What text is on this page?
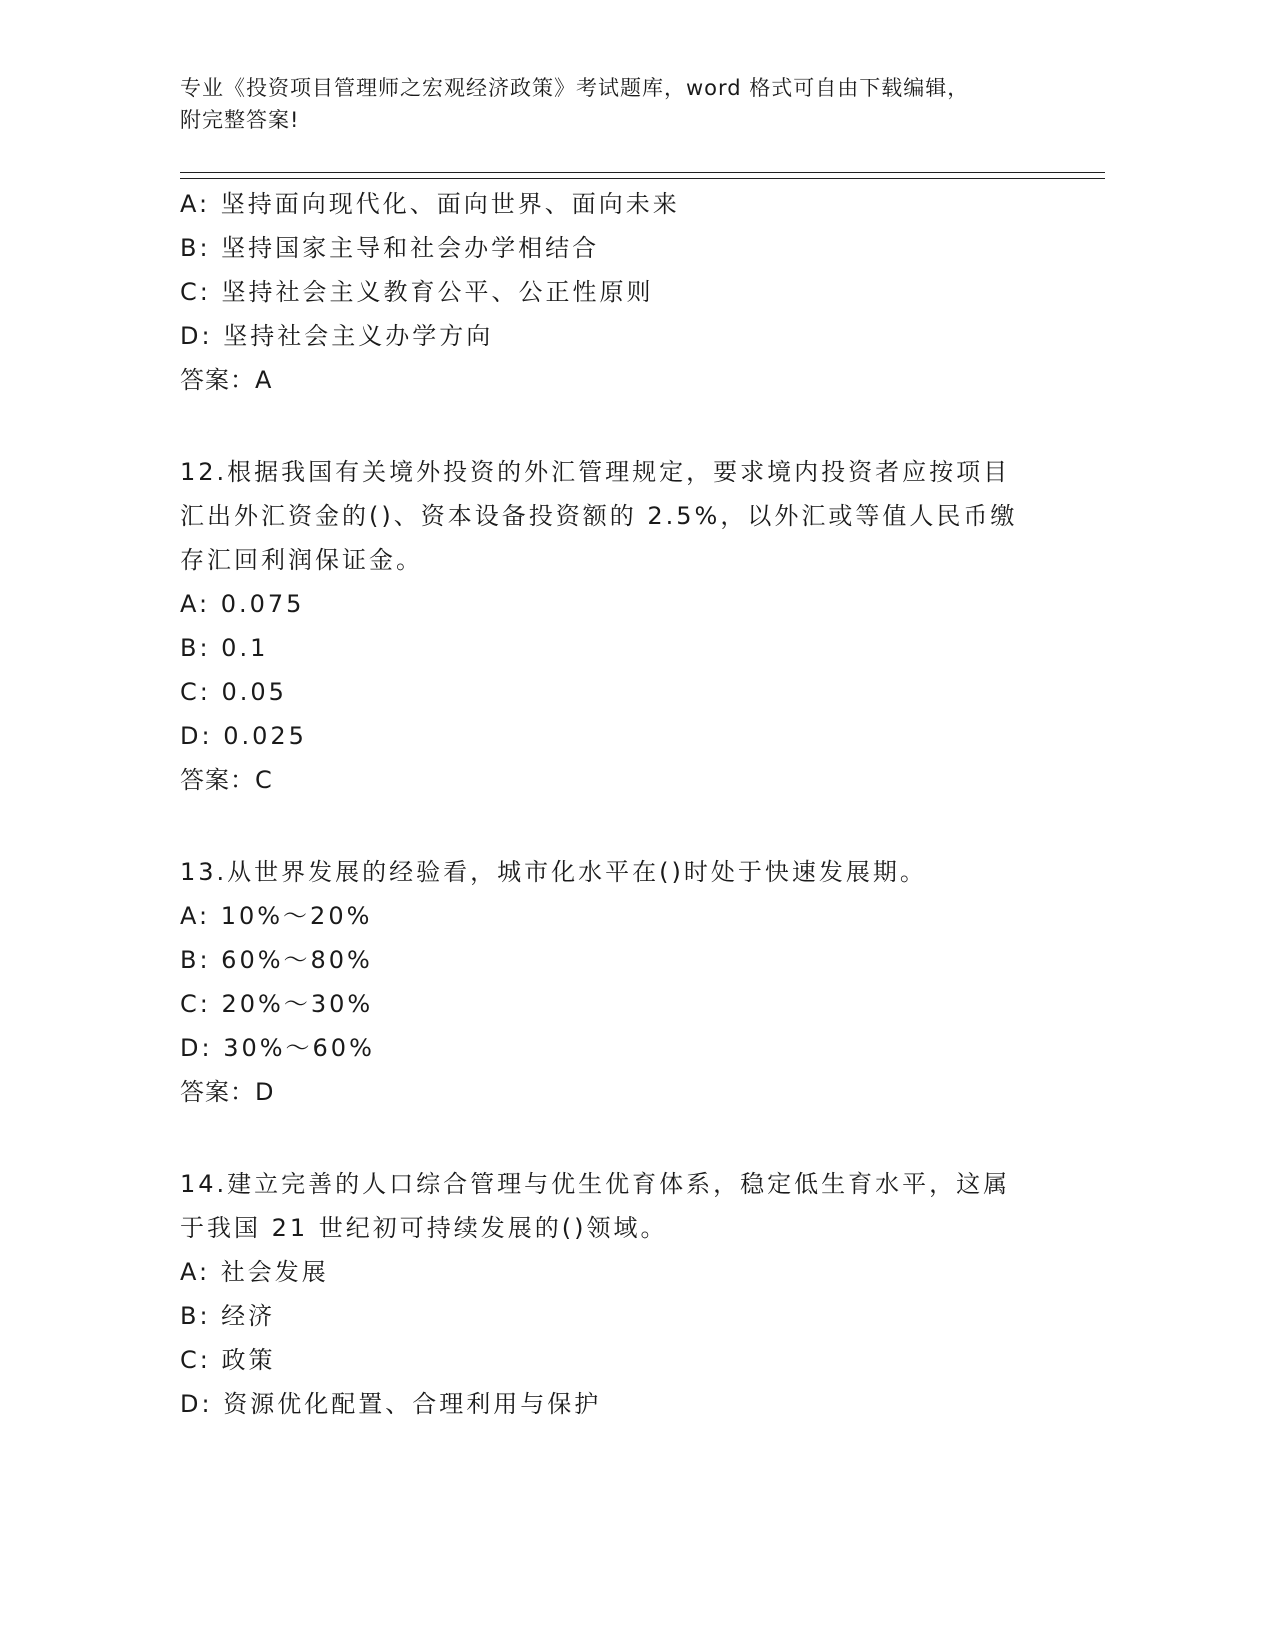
专业《投资项目管理师之宏观经济政策》考试题库，word 格式可自由下载编辑，
附完整答案!
A: 坚持面向现代化、面向世界、面向未来
B: 坚持国家主导和社会办学相结合
C: 坚持社会主义教育公平、公正性原则
D: 坚持社会主义办学方向
答案：A
12.根据我国有关境外投资的外汇管理规定，要求境内投资者应按项目
汇出外汇资金的()、资本设备投资额的 2.5%，以外汇或等值人民币缴
存汇回利润保证金。
A: 0.075
B: 0.1
C: 0.05
D: 0.025
答案：C
13.从世界发展的经验看，城市化水平在()时处于快速发展期。
A: 10%～20%
B: 60%～80%
C: 20%～30%
D: 30%～60%
答案：D
14.建立完善的人口综合管理与优生优育体系，稳定低生育水平，这属
于我国 21 世纪初可持续发展的()领域。
A: 社会发展
B: 经济
C: 政策
D: 资源优化配置、合理利用与保护
